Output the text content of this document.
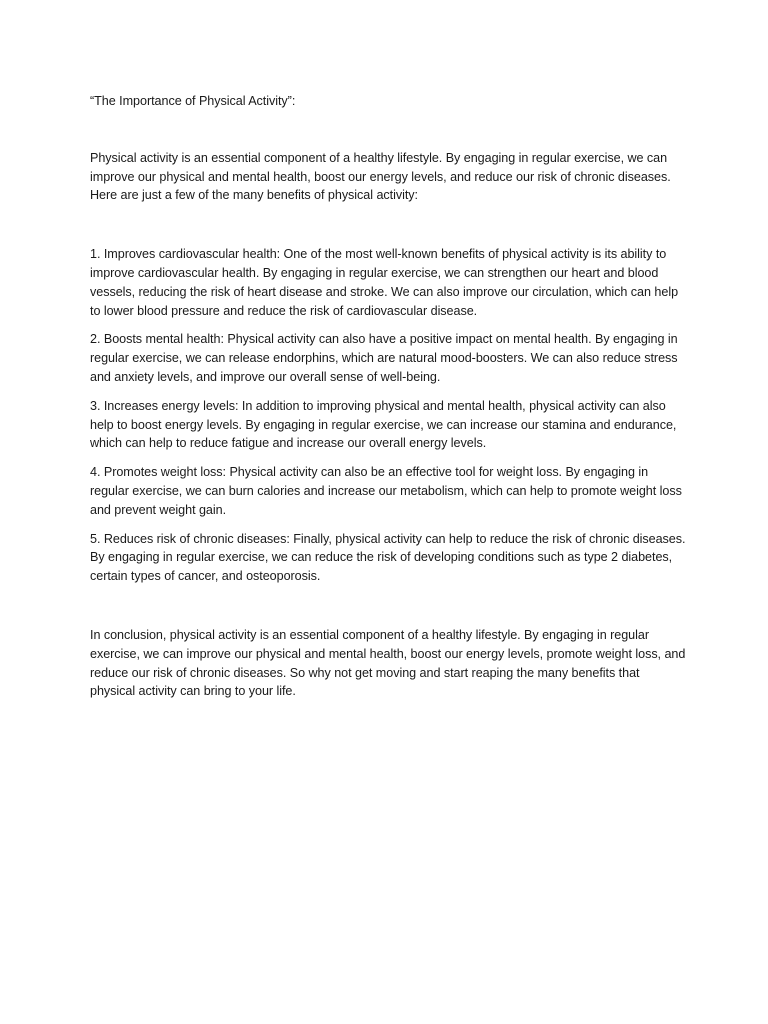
“The Importance of Physical Activity”:

Physical activity is an essential component of a healthy lifestyle. By engaging in regular exercise, we can improve our physical and mental health, boost our energy levels, and reduce our risk of chronic diseases. Here are just a few of the many benefits of physical activity:

1. Improves cardiovascular health: One of the most well-known benefits of physical activity is its ability to improve cardiovascular health. By engaging in regular exercise, we can strengthen our heart and blood vessels, reducing the risk of heart disease and stroke. We can also improve our circulation, which can help to lower blood pressure and reduce the risk of cardiovascular disease.

2. Boosts mental health: Physical activity can also have a positive impact on mental health. By engaging in regular exercise, we can release endorphins, which are natural mood-boosters. We can also reduce stress and anxiety levels, and improve our overall sense of well-being.

3. Increases energy levels: In addition to improving physical and mental health, physical activity can also help to boost energy levels. By engaging in regular exercise, we can increase our stamina and endurance, which can help to reduce fatigue and increase our overall energy levels.

4. Promotes weight loss: Physical activity can also be an effective tool for weight loss. By engaging in regular exercise, we can burn calories and increase our metabolism, which can help to promote weight loss and prevent weight gain.

5. Reduces risk of chronic diseases: Finally, physical activity can help to reduce the risk of chronic diseases. By engaging in regular exercise, we can reduce the risk of developing conditions such as type 2 diabetes, certain types of cancer, and osteoporosis.

In conclusion, physical activity is an essential component of a healthy lifestyle. By engaging in regular exercise, we can improve our physical and mental health, boost our energy levels, promote weight loss, and reduce our risk of chronic diseases. So why not get moving and start reaping the many benefits that physical activity can bring to your life.
